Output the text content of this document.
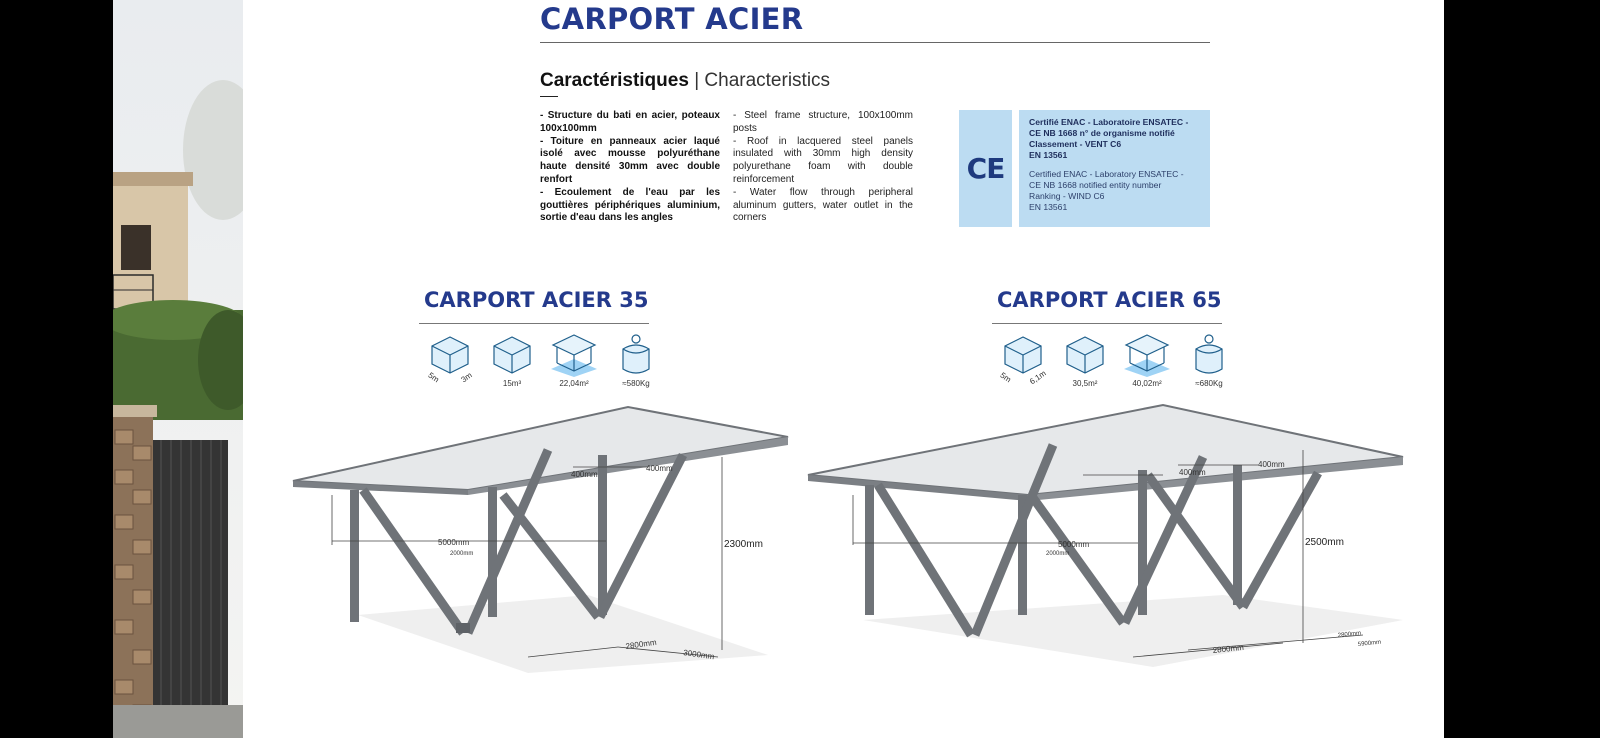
CARPORT ACIER
Caractéristiques | Characteristics

- Structure du bati en acier, poteaux 100x100mm

- Toiture en panneaux acier laqué isolé avec mousse polyuréthane haute densité 30mm avec double renfort

- Ecoulement de l'eau par les gouttières périphériques aluminium, sortie d'eau dans les angles

- Steel frame structure, 100x100mm posts

- Roof in lacquered steel panels insulated with 30mm high density polyurethane foam with double reinforcement

- Water flow through peripheral aluminum gutters, water outlet in the corners

CE

Certifié ENAC - Laboratoire ENSATEC -

CE NB 1668 n° de organisme notifié

Classement - VENT C6

EN 13561

Certified ENAC - Laboratory ENSATEC -

CE NB 1668 notified entity number

Ranking - WIND C6

EN 13561

CARPORT ACIER 35
5m 3m	15m³	22,04m²	≈580Kg
5000mm
2000mm
2300mm
400mm
400mm
2800mm
3000mm
CARPORT ACIER 65
5m 6,1m	30,5m²	40,02m²	≈680Kg
5000mm
2000mm
2500mm
400mm
400mm
2800mm
2800mm
5900mm
